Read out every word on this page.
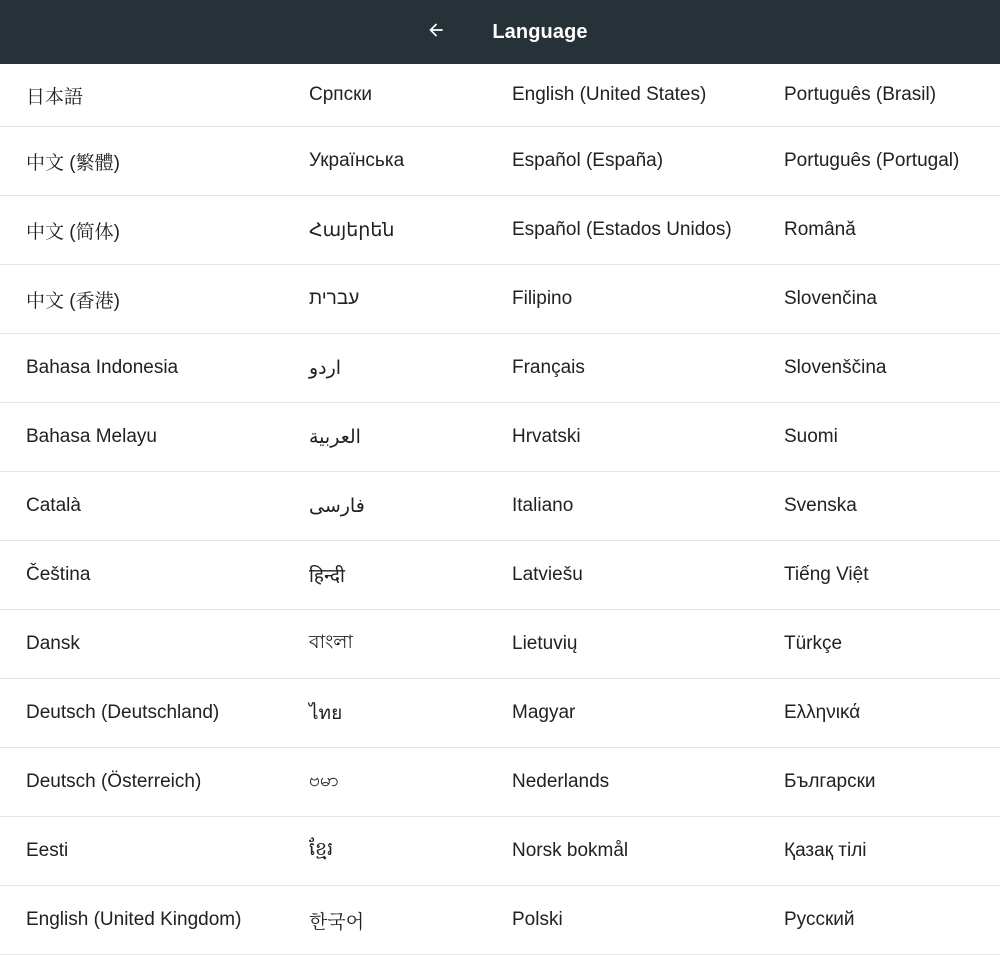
Language
日本語	Српски	English (United States)	Português (Brasil)
中文 (繁體)	Українська	Español (España)	Português (Portugal)
中文 (简体)	Հայերեն	Español (Estados Unidos)	Română
中文 (香港)	עברית	Filipino	Slovenčina
Bahasa Indonesia	اردو	Français	Slovenščina
Bahasa Melayu	العربية	Hrvatski	Suomi
Català	فارسی	Italiano	Svenska
Čeština	हिन्दी	Latviešu	Tiếng Việt
Dansk	বাংলা	Lietuvių	Türkçe
Deutsch (Deutschland)	ไทย	Magyar	Ελληνικά
Deutsch (Österreich)	ဗမာ	Nederlands	Български
Eesti	ខ្មែរ	Norsk bokmål	Қазақ тілі
English (United Kingdom)	한국어	Polski	Русский
